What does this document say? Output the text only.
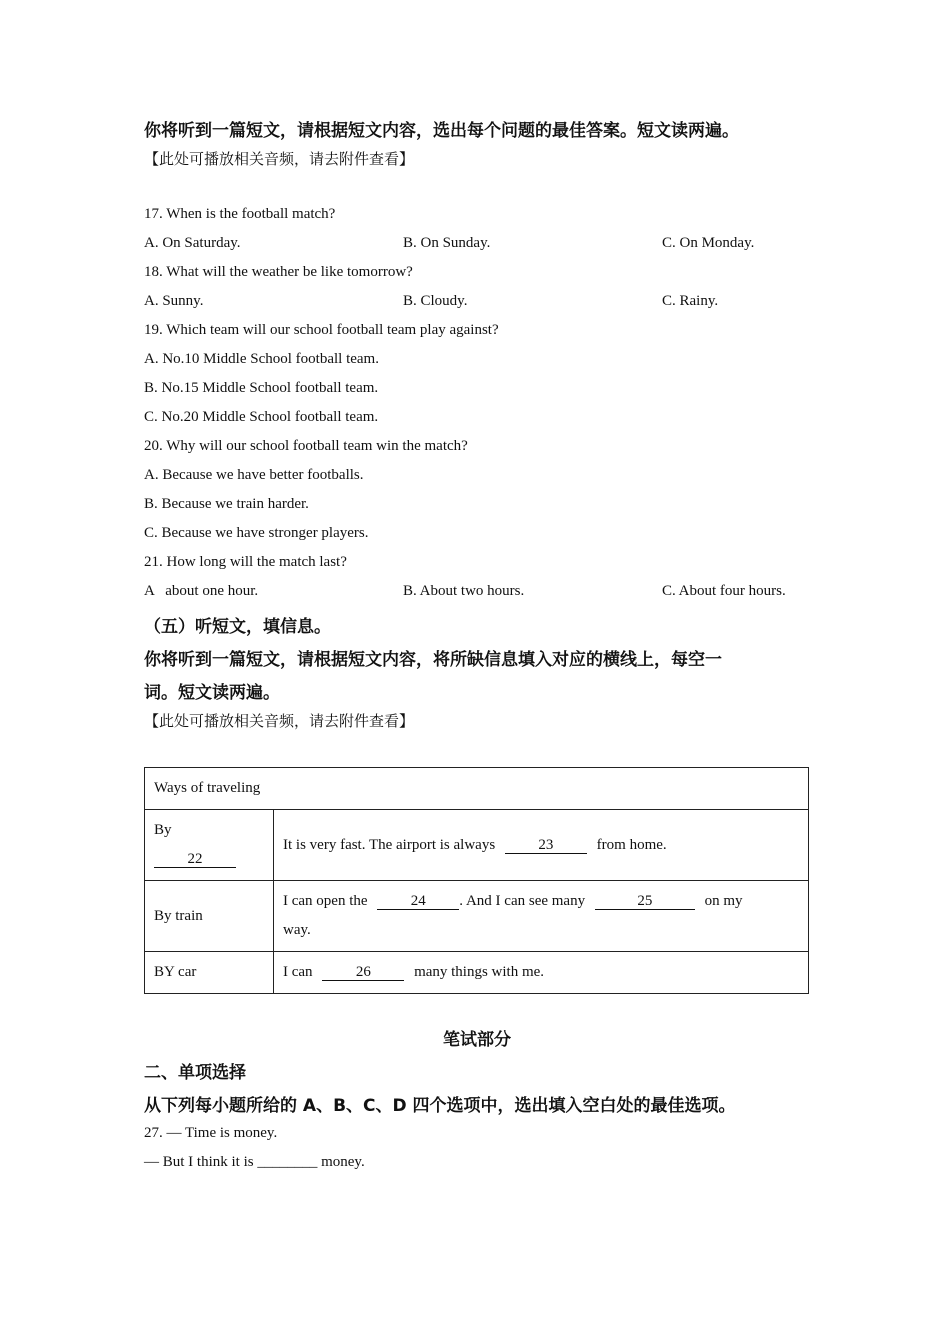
你将听到一篇短文，请根据短文内容，选出每个问题的最佳答案。短文读两遍。
【此处可播放相关音频，请去附件查看】
17. When is the football match?
A. On Saturday.	B. On Sunday.	C. On Monday.
18. What will the weather be like tomorrow?
A. Sunny.	B. Cloudy.	C. Rainy.
19. Which team will our school football team play against?
A. No.10 Middle School football team.
B. No.15 Middle School football team.
C. No.20 Middle School football team.
20. Why will our school football team win the match?
A. Because we have better footballs.
B. Because we train harder.
C. Because we have stronger players.
21. How long will the match last?
A   about one hour.	B. About two hours.	C. About four hours.
（五）听短文，填信息。
你将听到一篇短文，请根据短文内容，将所缺信息填入对应的横线上，每空一
词。短文读两遍。
【此处可播放相关音频，请去附件查看】
Ways of traveling	

By
22	It is very fast. The airport is always 23 from home.
By train	I can open the 24 . And I can see many 25 on my
way.

BY car	I can 26 many things with me.
笔试部分
二、单项选择
从下列每小题所给的 A、B、C、D 四个选项中，选出填入空白处的最佳选项。
27. — Time is money.
— But I think it is ________ money.
